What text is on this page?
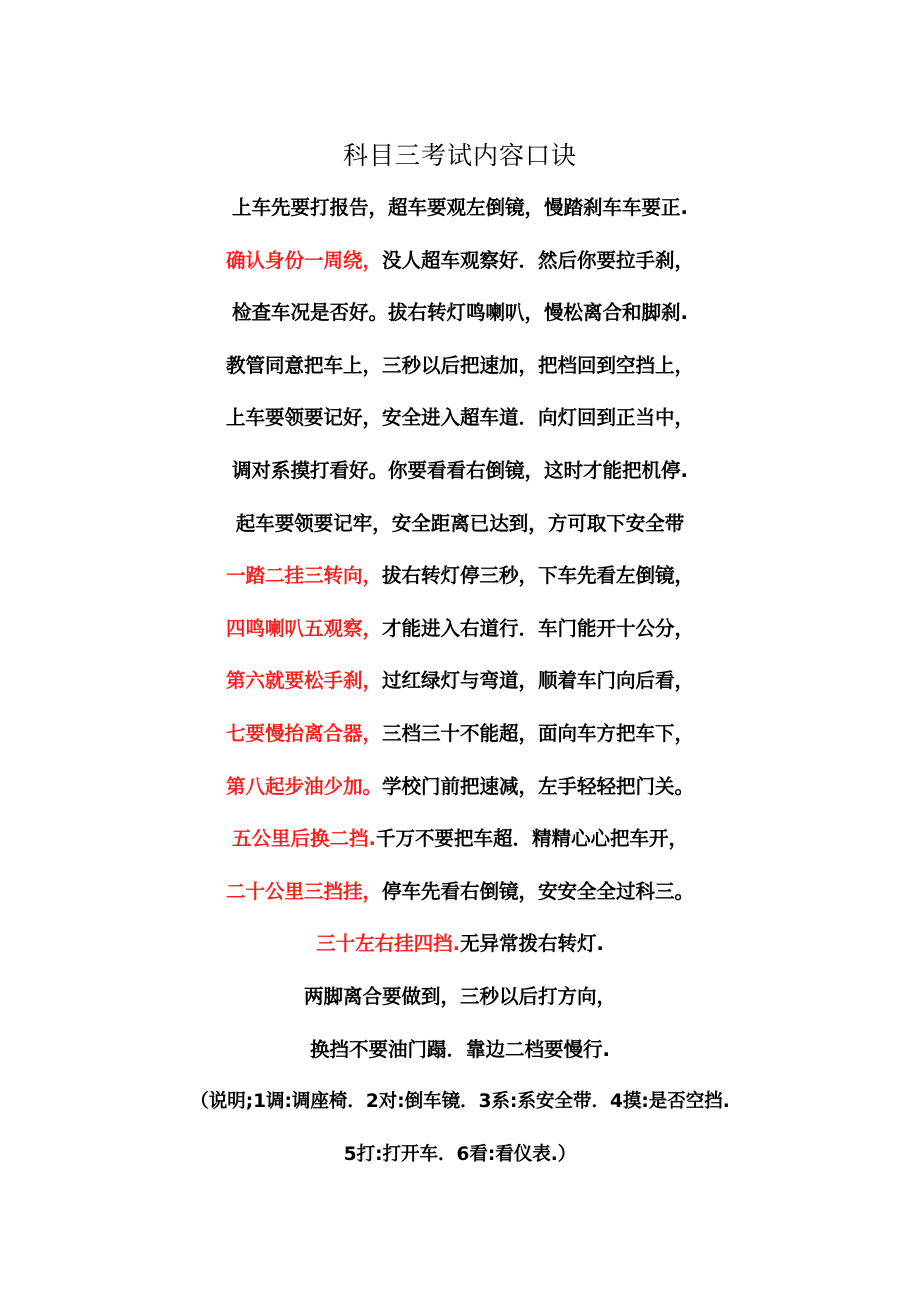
科目三考试内容口诀
上车先要打报告，超车要观左倒镜，慢踏刹车车要正.
确认身份一周绕，没人超车观察好．然后你要拉手刹，
检查车况是否好。拔右转灯鸣喇叭，慢松离合和脚刹.
教管同意把车上，三秒以后把速加，把档回到空挡上，
上车要领要记好，安全进入超车道．向灯回到正当中，
调对系摸打看好。你要看看右倒镜，这时才能把机停.
起车要领要记牢，安全距离已达到，方可取下安全带
一踏二挂三转向，拔右转灯停三秒，下车先看左倒镜，
四鸣喇叭五观察，才能进入右道行．车门能开十公分，
第六就要松手刹，过红绿灯与弯道，顺着车门向后看，
七要慢抬离合器，三档三十不能超，面向车方把车下，
第八起步油少加。学校门前把速减，左手轻轻把门关。
五公里后换二挡.千万不要把车超．精精心心把车开，
二十公里三挡挂，停车先看右倒镜，安安全全过科三。
三十左右挂四挡.无异常拨右转灯.
两脚离合要做到，三秒以后打方向，
换挡不要油门蹋．靠边二档要慢行.
（说明;1调:调座椅．2对:倒车镜．3系:系安全带．4摸:是否空挡.
5打:打开车．6看:看仪表.）
